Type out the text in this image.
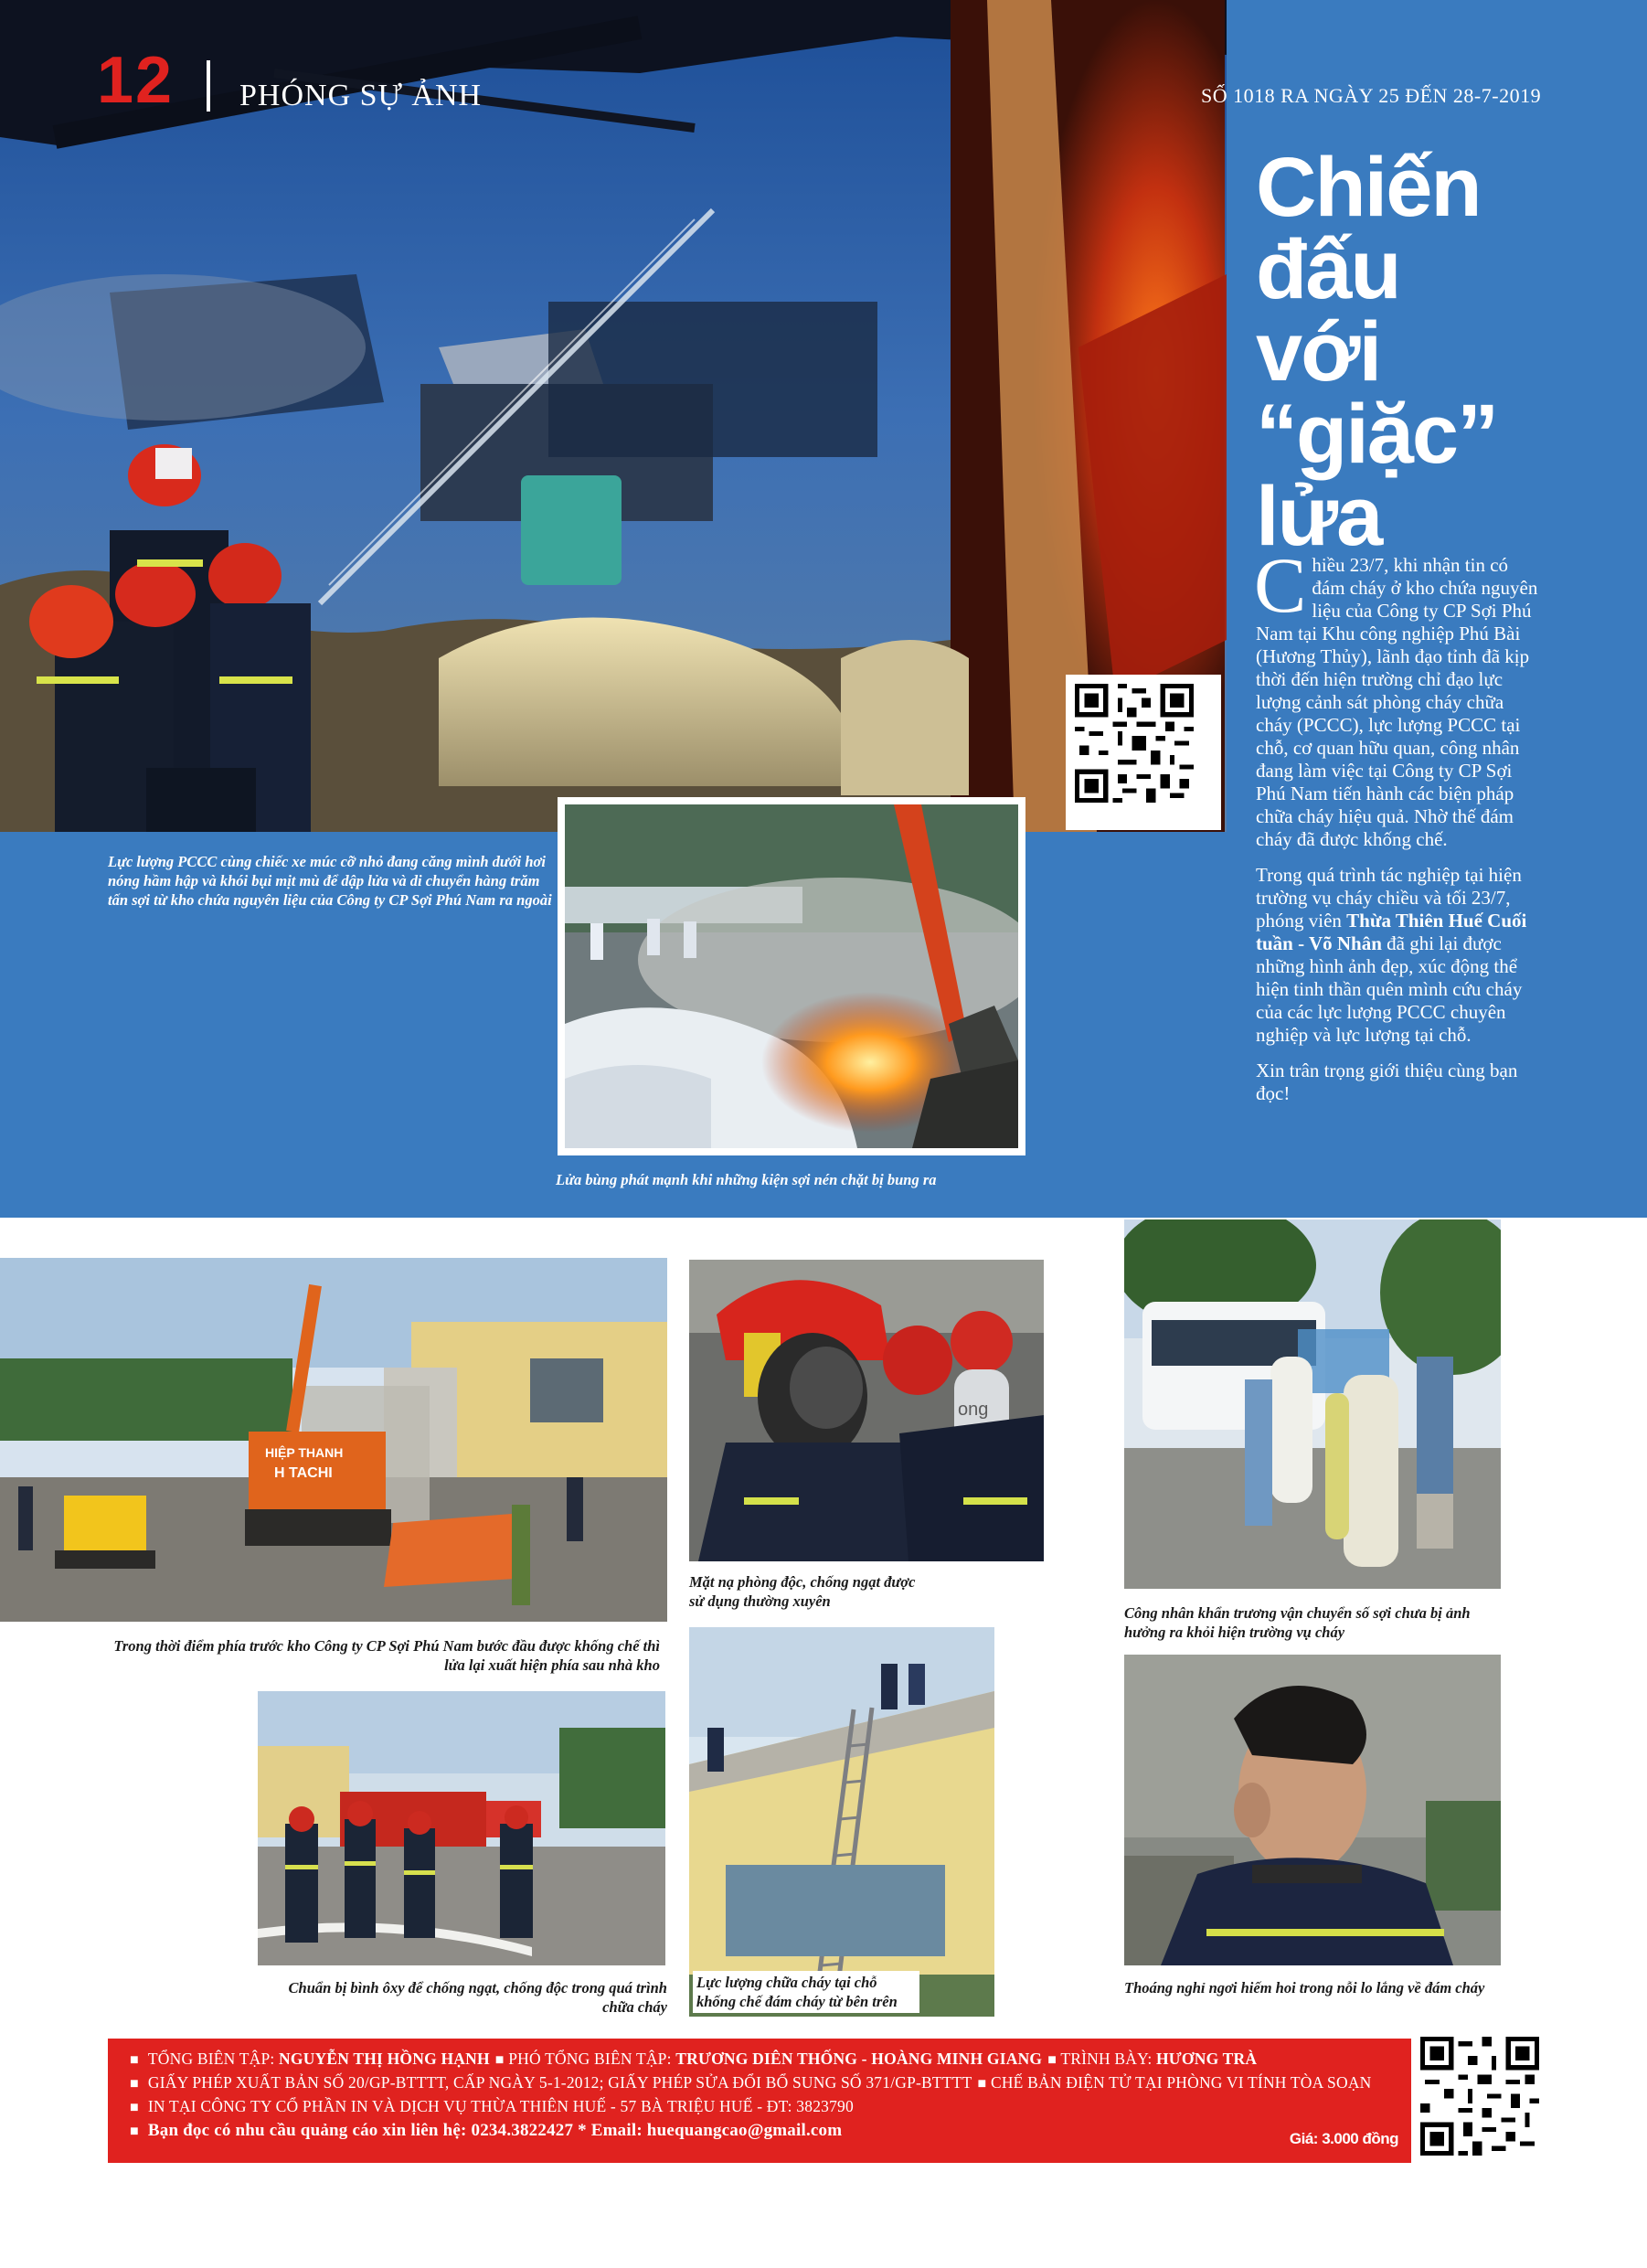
12 PHÓNG SỰ ẢNH	SỐ 1018 RA NGÀY 25 ĐẾN 28-7-2019
Chiến
đấu
với
“giặc”
lửa

Chiều 23/7, khi nhận tin có đám cháy ở kho chứa nguyên liệu của Công ty CP Sợi Phú Nam tại Khu công nghiệp Phú Bài (Hương Thủy), lãnh đạo tỉnh đã kịp thời đến hiện trường chỉ đạo lực lượng cảnh sát phòng cháy chữa cháy (PCCC), lực lượng PCCC tại chỗ, cơ quan hữu quan, công nhân đang làm việc tại Công ty CP Sợi Phú Nam tiến hành các biện pháp chữa cháy hiệu quả. Nhờ thế đám cháy đã được khống chế.

Trong quá trình tác nghiệp tại hiện trường vụ cháy chiều và tối 23/7, phóng viên Thừa Thiên Huế Cuối tuần - Võ Nhân đã ghi lại được những hình ảnh đẹp, xúc động thể hiện tinh thần quên mình cứu cháy của các lực lượng PCCC chuyên nghiệp và lực lượng tại chỗ.

Xin trân trọng giới thiệu cùng bạn đọc!

Lực lượng PCCC cùng chiếc xe múc cỡ nhỏ đang căng mình dưới hơi nóng hầm hập và khói bụi mịt mù để dập lửa và di chuyển hàng trăm tấn sợi từ kho chứa nguyên liệu của Công ty CP Sợi Phú Nam ra ngoài
Lửa bùng phát mạnh khi những kiện sợi nén chặt bị bung ra
HIỆP THANH
H TACHI
Trong thời điểm phía trước kho Công ty CP Sợi Phú Nam bước đầu được khống chế thì lửa lại xuất hiện phía sau nhà kho
Chuẩn bị bình ôxy để chống ngạt, chống độc trong quá trình chữa cháy
ong
Mặt nạ phòng độc, chống ngạt được sử dụng thường xuyên
Lực lượng chữa cháy tại chỗ khống chế đám cháy từ bên trên
Công nhân khẩn trương vận chuyển số sợi chưa bị ảnh hưởng ra khỏi hiện trường vụ cháy
Thoáng nghỉ ngơi hiếm hoi trong nỗi lo lắng về đám cháy
■ TỔNG BIÊN TẬP: NGUYỄN THỊ HỒNG HẠNH ■ PHÓ TỔNG BIÊN TẬP: TRƯƠNG DIÊN THỐNG - HOÀNG MINH GIANG ■ TRÌNH BÀY: HƯƠNG TRÀ
■ GIẤY PHÉP XUẤT BẢN SỐ 20/GP-BTTTT, CẤP NGÀY 5-1-2012; GIẤY PHÉP SỬA ĐỔI BỔ SUNG SỐ 371/GP-BTTTT ■ CHẾ BẢN ĐIỆN TỬ TẠI PHÒNG VI TÍNH TÒA SOẠN
■ IN TẠI CÔNG TY CỔ PHẦN IN VÀ DỊCH VỤ THỪA THIÊN HUẾ - 57 BÀ TRIỆU HUẾ - ĐT: 3823790
■ Bạn đọc có nhu cầu quảng cáo xin liên hệ: 0234.3822427 * Email: huequangcao@gmail.com	Giá: 3.000 đồng
